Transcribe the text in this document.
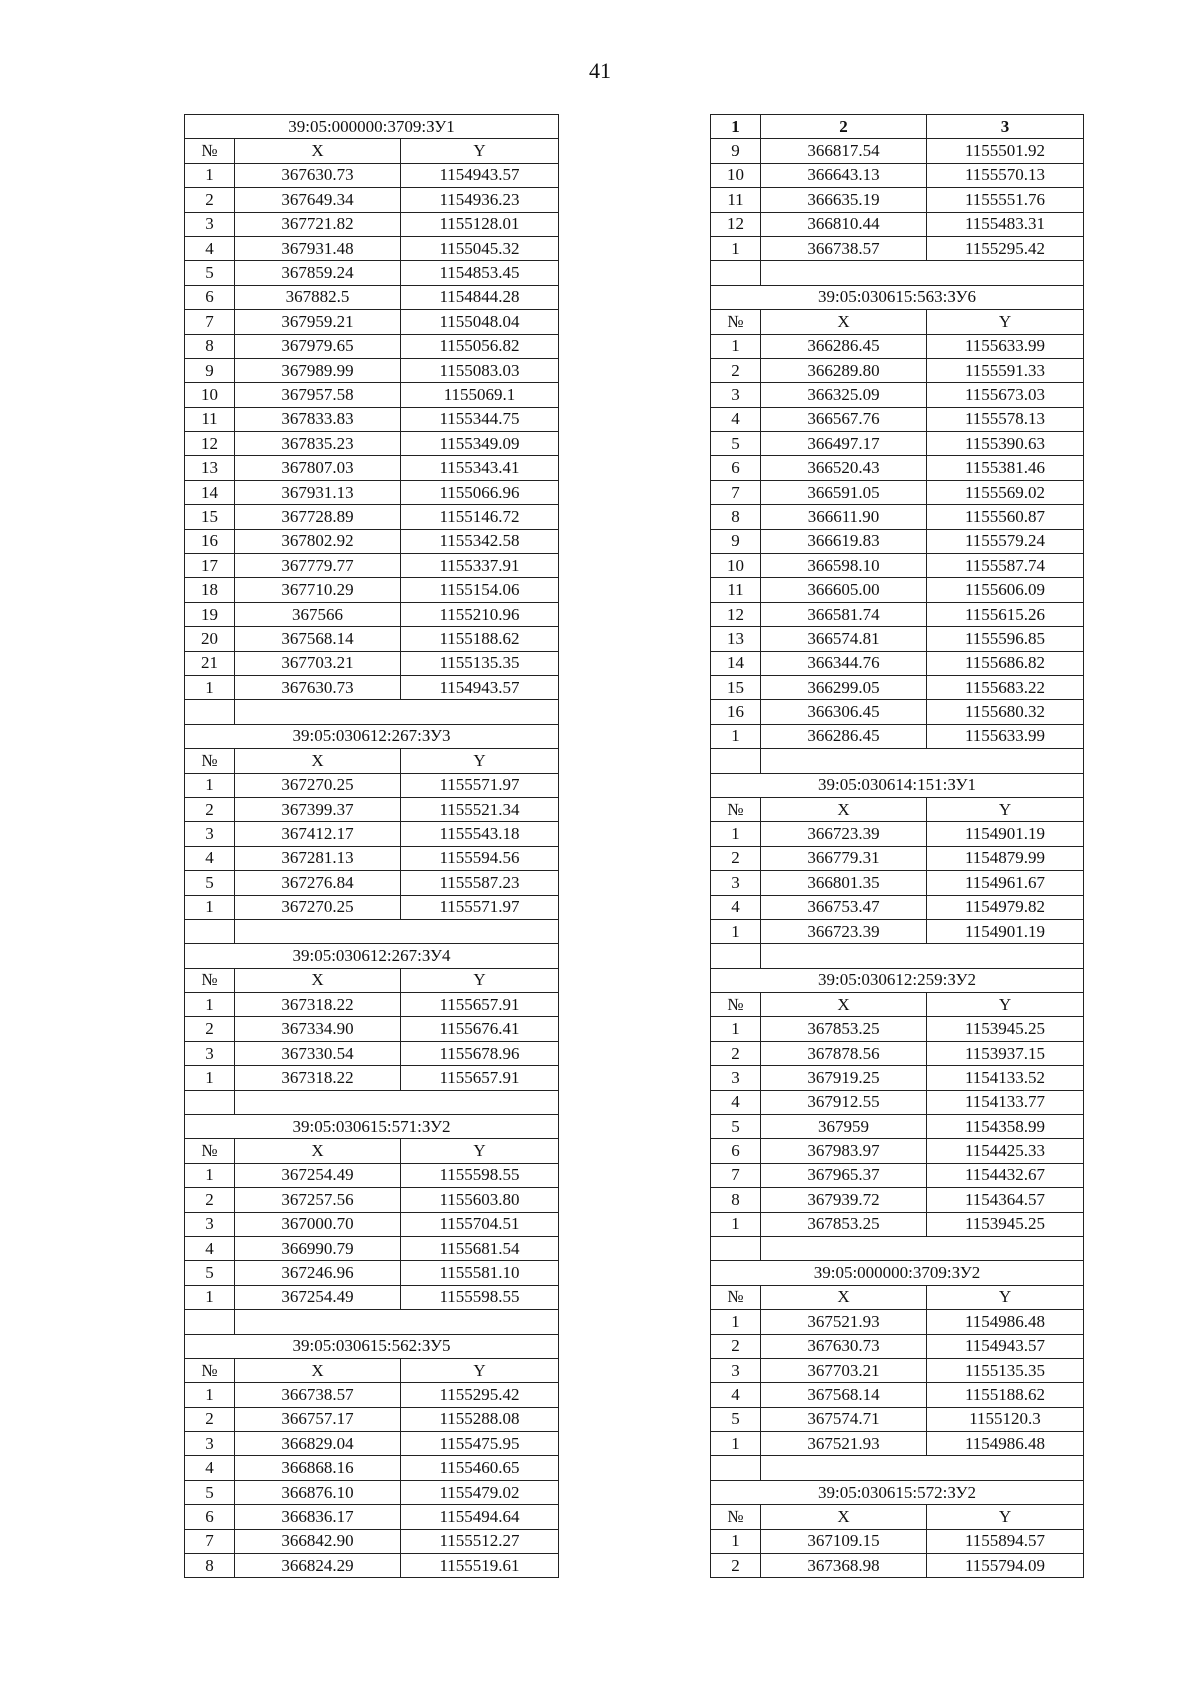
41
39:05:000000:3709:ЗУ1		
№	X	Y
1	367630.73	1154943.57
2	367649.34	1154936.23
3	367721.82	1155128.01
4	367931.48	1155045.32
5	367859.24	1154853.45
6	367882.5	1154844.28
7	367959.21	1155048.04
8	367979.65	1155056.82
9	367989.99	1155083.03
10	367957.58	1155069.1
11	367833.83	1155344.75
12	367835.23	1155349.09
13	367807.03	1155343.41
14	367931.13	1155066.96
15	367728.89	1155146.72
16	367802.92	1155342.58
17	367779.77	1155337.91
18	367710.29	1155154.06
19	367566	1155210.96
20	367568.14	1155188.62
21	367703.21	1155135.35
1	367630.73	1154943.57

39:05:030612:267:ЗУ3		
№	X	Y
1	367270.25	1155571.97
2	367399.37	1155521.34
3	367412.17	1155543.18
4	367281.13	1155594.56
5	367276.84	1155587.23
1	367270.25	1155571.97

39:05:030612:267:ЗУ4		
№	X	Y
1	367318.22	1155657.91
2	367334.90	1155676.41
3	367330.54	1155678.96
1	367318.22	1155657.91

39:05:030615:571:ЗУ2		
№	X	Y
1	367254.49	1155598.55
2	367257.56	1155603.80
3	367000.70	1155704.51
4	366990.79	1155681.54
5	367246.96	1155581.10
1	367254.49	1155598.55

39:05:030615:562:ЗУ5		
№	X	Y
1	366738.57	1155295.42
2	366757.17	1155288.08
3	366829.04	1155475.95
4	366868.16	1155460.65
5	366876.10	1155479.02
6	366836.17	1155494.64
7	366842.90	1155512.27
8	366824.29	1155519.61
1	2	3
9	366817.54	1155501.92
10	366643.13	1155570.13
11	366635.19	1155551.76
12	366810.44	1155483.31
1	366738.57	1155295.42

39:05:030615:563:ЗУ6		
№	X	Y
1	366286.45	1155633.99
2	366289.80	1155591.33
3	366325.09	1155673.03
4	366567.76	1155578.13
5	366497.17	1155390.63
6	366520.43	1155381.46
7	366591.05	1155569.02
8	366611.90	1155560.87
9	366619.83	1155579.24
10	366598.10	1155587.74
11	366605.00	1155606.09
12	366581.74	1155615.26
13	366574.81	1155596.85
14	366344.76	1155686.82
15	366299.05	1155683.22
16	366306.45	1155680.32
1	366286.45	1155633.99

39:05:030614:151:ЗУ1		
№	X	Y
1	366723.39	1154901.19
2	366779.31	1154879.99
3	366801.35	1154961.67
4	366753.47	1154979.82
1	366723.39	1154901.19

39:05:030612:259:ЗУ2		
№	X	Y
1	367853.25	1153945.25
2	367878.56	1153937.15
3	367919.25	1154133.52
4	367912.55	1154133.77
5	367959	1154358.99
6	367983.97	1154425.33
7	367965.37	1154432.67
8	367939.72	1154364.57
1	367853.25	1153945.25

39:05:000000:3709:ЗУ2		
№	X	Y
1	367521.93	1154986.48
2	367630.73	1154943.57
3	367703.21	1155135.35
4	367568.14	1155188.62
5	367574.71	1155120.3
1	367521.93	1154986.48

39:05:030615:572:ЗУ2		
№	X	Y
1	367109.15	1155894.57
2	367368.98	1155794.09
